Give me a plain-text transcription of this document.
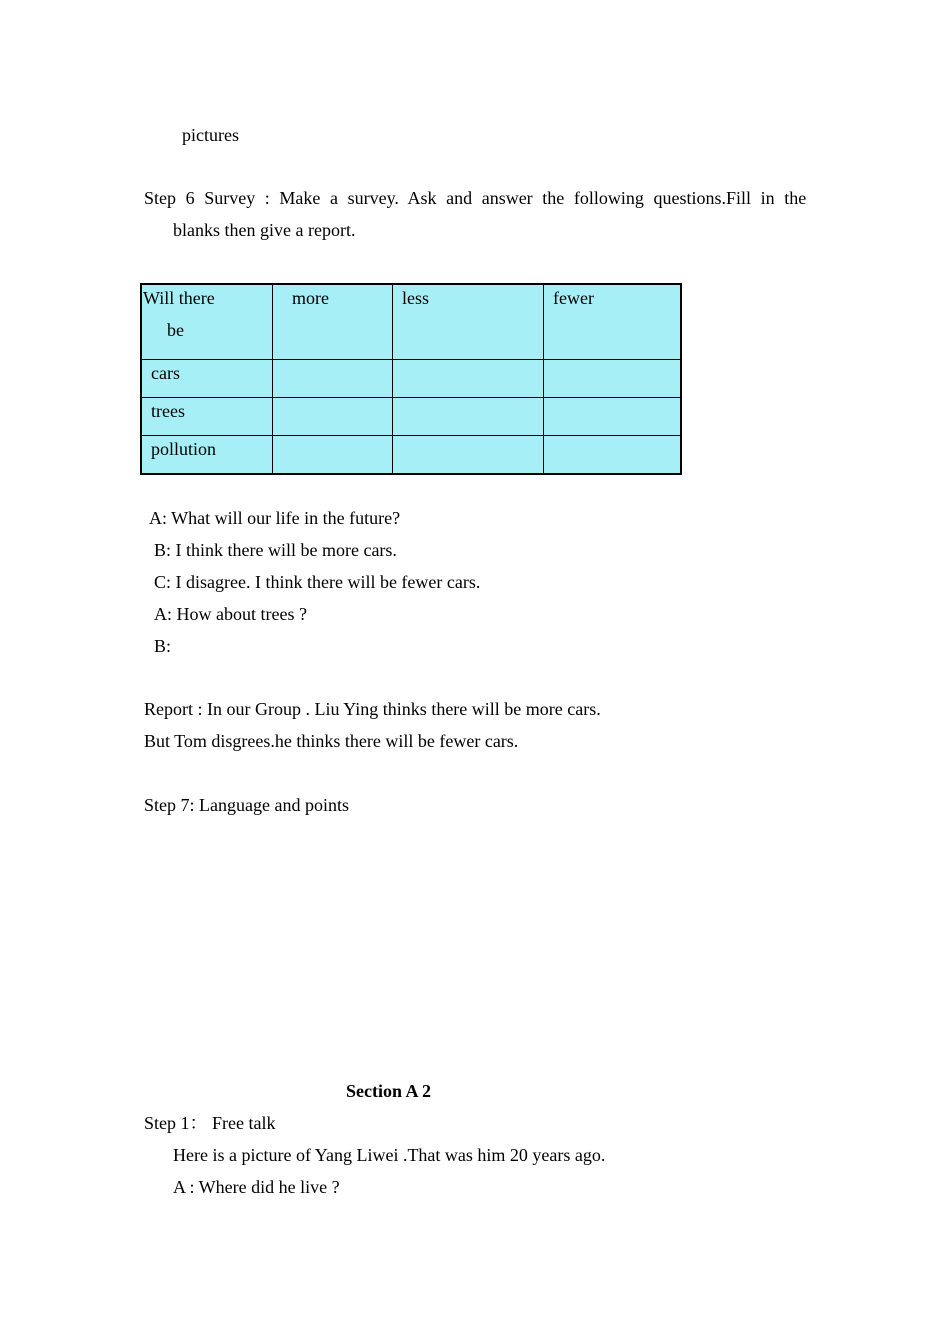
pictures
Step 6 Survey : Make a survey. Ask and answer the following questions.Fill in the
blanks then give a report.
Will there
be	more	less	fewer

cars			

trees			

pollution			

A: What will our life in the future?
B: I think there will be more cars.
C: I disagree. I think there will be fewer cars.
A: How about trees ?
B:
Report : In our Group . Liu Ying thinks there will be more cars.
But Tom disgrees.he thinks there will be fewer cars.
Step 7: Language and points
Section A 2
Step 1： Free talk
Here is a picture of Yang Liwei .That was him 20 years ago.
A : Where did he live ?
